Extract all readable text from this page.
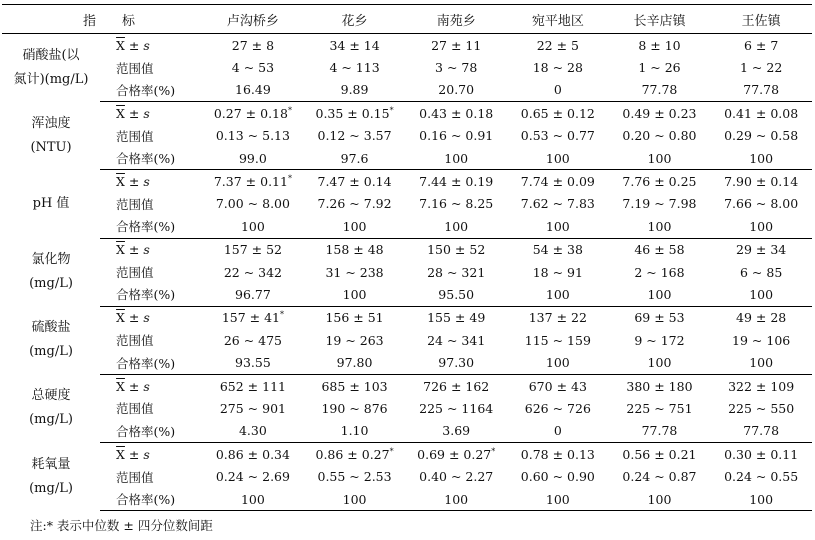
指	标	卢沟桥乡	花乡	南苑乡	宛平地区	长辛店镇	王佐镇
硝酸盐(以
氮计)(mg/L)	$\overline{X} \pm s$	27 ± 8	34 ± 14	27 ± 11	22 ± 5	8 ± 10	6 ± 7
	范围值	4 ~ 53	4 ~ 113	3 ~ 78	18 ~ 28	1 ~ 26	1 ~ 22
	合格率(%)	16.49	9.89	20.70	0	77.78	77.78
浑浊度
(NTU)	$\overline{X} \pm s$	0.27 ± 0.18*	0.35 ± 0.15*	0.43 ± 0.18	0.65 ± 0.12	0.49 ± 0.23	0.41 ± 0.08
	范围值	0.13 ~ 5.13	0.12 ~ 3.57	0.16 ~ 0.91	0.53 ~ 0.77	0.20 ~ 0.80	0.29 ~ 0.58
	合格率(%)	99.0	97.6	100	100	100	100
pH 值	$\overline{X} \pm s$	7.37 ± 0.11*	7.47 ± 0.14	7.44 ± 0.19	7.74 ± 0.09	7.76 ± 0.25	7.90 ± 0.14
	范围值	7.00 ~ 8.00	7.26 ~ 7.92	7.16 ~ 8.25	7.62 ~ 7.83	7.19 ~ 7.98	7.66 ~ 8.00
	合格率(%)	100	100	100	100	100	100
氯化物
(mg/L)	$\overline{X} \pm s$	157 ± 52	158 ± 48	150 ± 52	54 ± 38	46 ± 58	29 ± 34
	范围值	22 ~ 342	31 ~ 238	28 ~ 321	18 ~ 91	2 ~ 168	6 ~ 85
	合格率(%)	96.77	100	95.50	100	100	100
硫酸盐
(mg/L)	$\overline{X} \pm s$	157 ± 41*	156 ± 51	155 ± 49	137 ± 22	69 ± 53	49 ± 28
	范围值	26 ~ 475	19 ~ 263	24 ~ 341	115 ~ 159	9 ~ 172	19 ~ 106
	合格率(%)	93.55	97.80	97.30	100	100	100
总硬度
(mg/L)	$\overline{X} \pm s$	652 ± 111	685 ± 103	726 ± 162	670 ± 43	380 ± 180	322 ± 109
	范围值	275 ~ 901	190 ~ 876	225 ~ 1164	626 ~ 726	225 ~ 751	225 ~ 550
	合格率(%)	4.30	1.10	3.69	0	77.78	77.78
耗氧量
(mg/L)	$\overline{X} \pm s$	0.86 ± 0.34	0.86 ± 0.27*	0.69 ± 0.27*	0.78 ± 0.13	0.56 ± 0.21	0.30 ± 0.11
	范围值	0.24 ~ 2.69	0.55 ~ 2.53	0.40 ~ 2.27	0.60 ~ 0.90	0.24 ~ 0.87	0.24 ~ 0.55
	合格率(%)	100	100	100	100	100	100
注:* 表示中位数 ± 四分位数间距
